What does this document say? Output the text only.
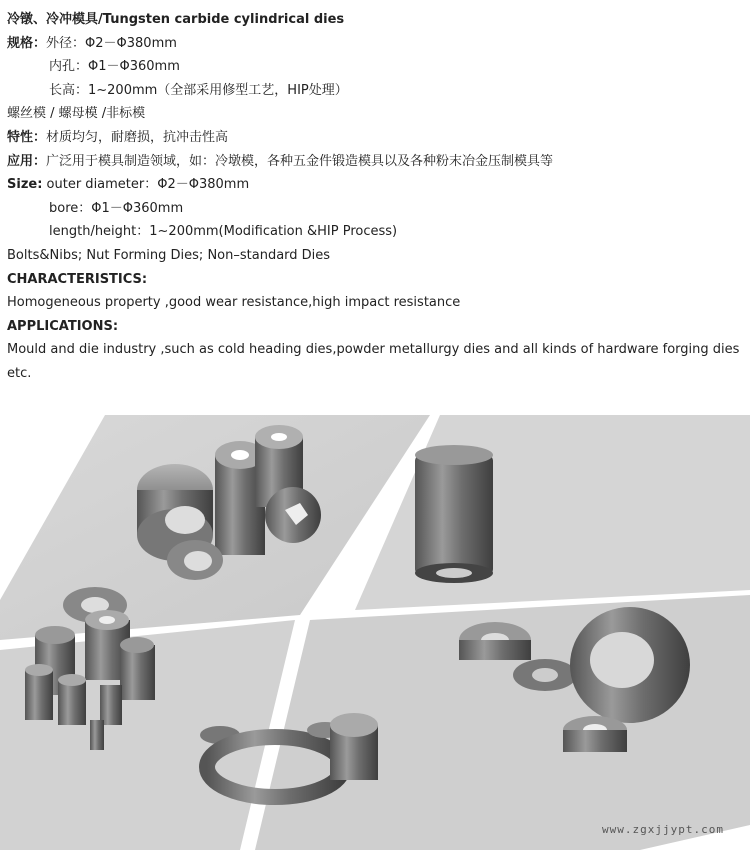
冷镦、冷冲模具/Tungsten carbide cylindrical dies
规格：外径：Φ2－Φ380mm
内孔：Φ1－Φ360mm
长高：1~200mm（全部采用修型工艺，HIP处理）
螺丝模 / 螺母模 /非标模
特性：材质均匀，耐磨损，抗冲击性高
应用：广泛用于模具制造领域，如：冷墩模，各种五金件锻造模具以及各种粉末冶金压制模具等
Size: outer diameter：Φ2－Φ380mm
bore：Φ1－Φ360mm
length/height：1~200mm(Modification &HIP Process)
Bolts&Nibs; Nut Forming Dies; Non–standard Dies
CHARACTERISTICS:
Homogeneous property ,good wear resistance,high impact resistance
APPLICATIONS:
Mould and die industry ,such as cold heading dies,powder metallurgy dies and all kinds of hardware forging dies etc.
www.zgxjjypt.com
